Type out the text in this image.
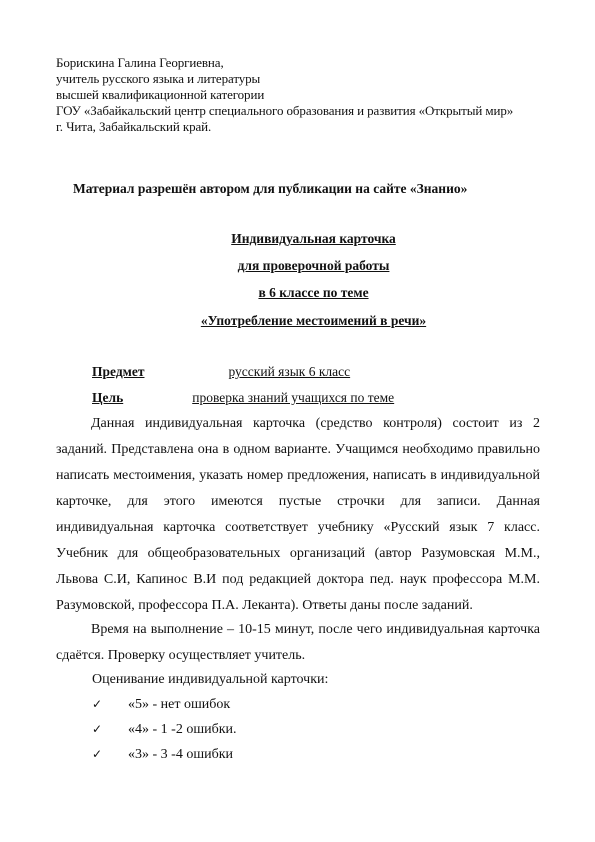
Борискина Галина Георгиевна,
учитель русского языка и литературы
высшей квалификационной категории
ГОУ «Забайкальский центр специального образования и развития «Открытый мир»
г. Чита, Забайкальский край.
Материал разрешён автором для публикации на сайте «Знанио»
Индивидуальная карточка
для проверочной работы
в 6 классе по теме
«Употребление местоимений в речи»
Предмет	русский язык 6 класс
Цель	проверка знаний учащихся по теме
Данная индивидуальная карточка (средство контроля) состоит из 2 заданий. Представлена она в одном варианте. Учащимся необходимо правильно написать местоимения, указать номер предложения, написать в индивидуальной карточке, для этого имеются пустые строчки для записи. Данная индивидуальная карточка соответствует учебнику «Русский язык 7 класс. Учебник для общеобразовательных организаций (автор Разумовская М.М., Львова С.И, Капинос В.И под редакцией доктора пед. наук профессора М.М. Разумовской, профессора П.А. Леканта). Ответы даны после заданий.
Время на выполнение – 10-15 минут, после чего индивидуальная карточка сдаётся. Проверку осуществляет учитель.
Оценивание индивидуальной карточки:
✓ «5» - нет ошибок
✓ «4» - 1 -2 ошибки.
✓ «3» - 3 -4 ошибки
